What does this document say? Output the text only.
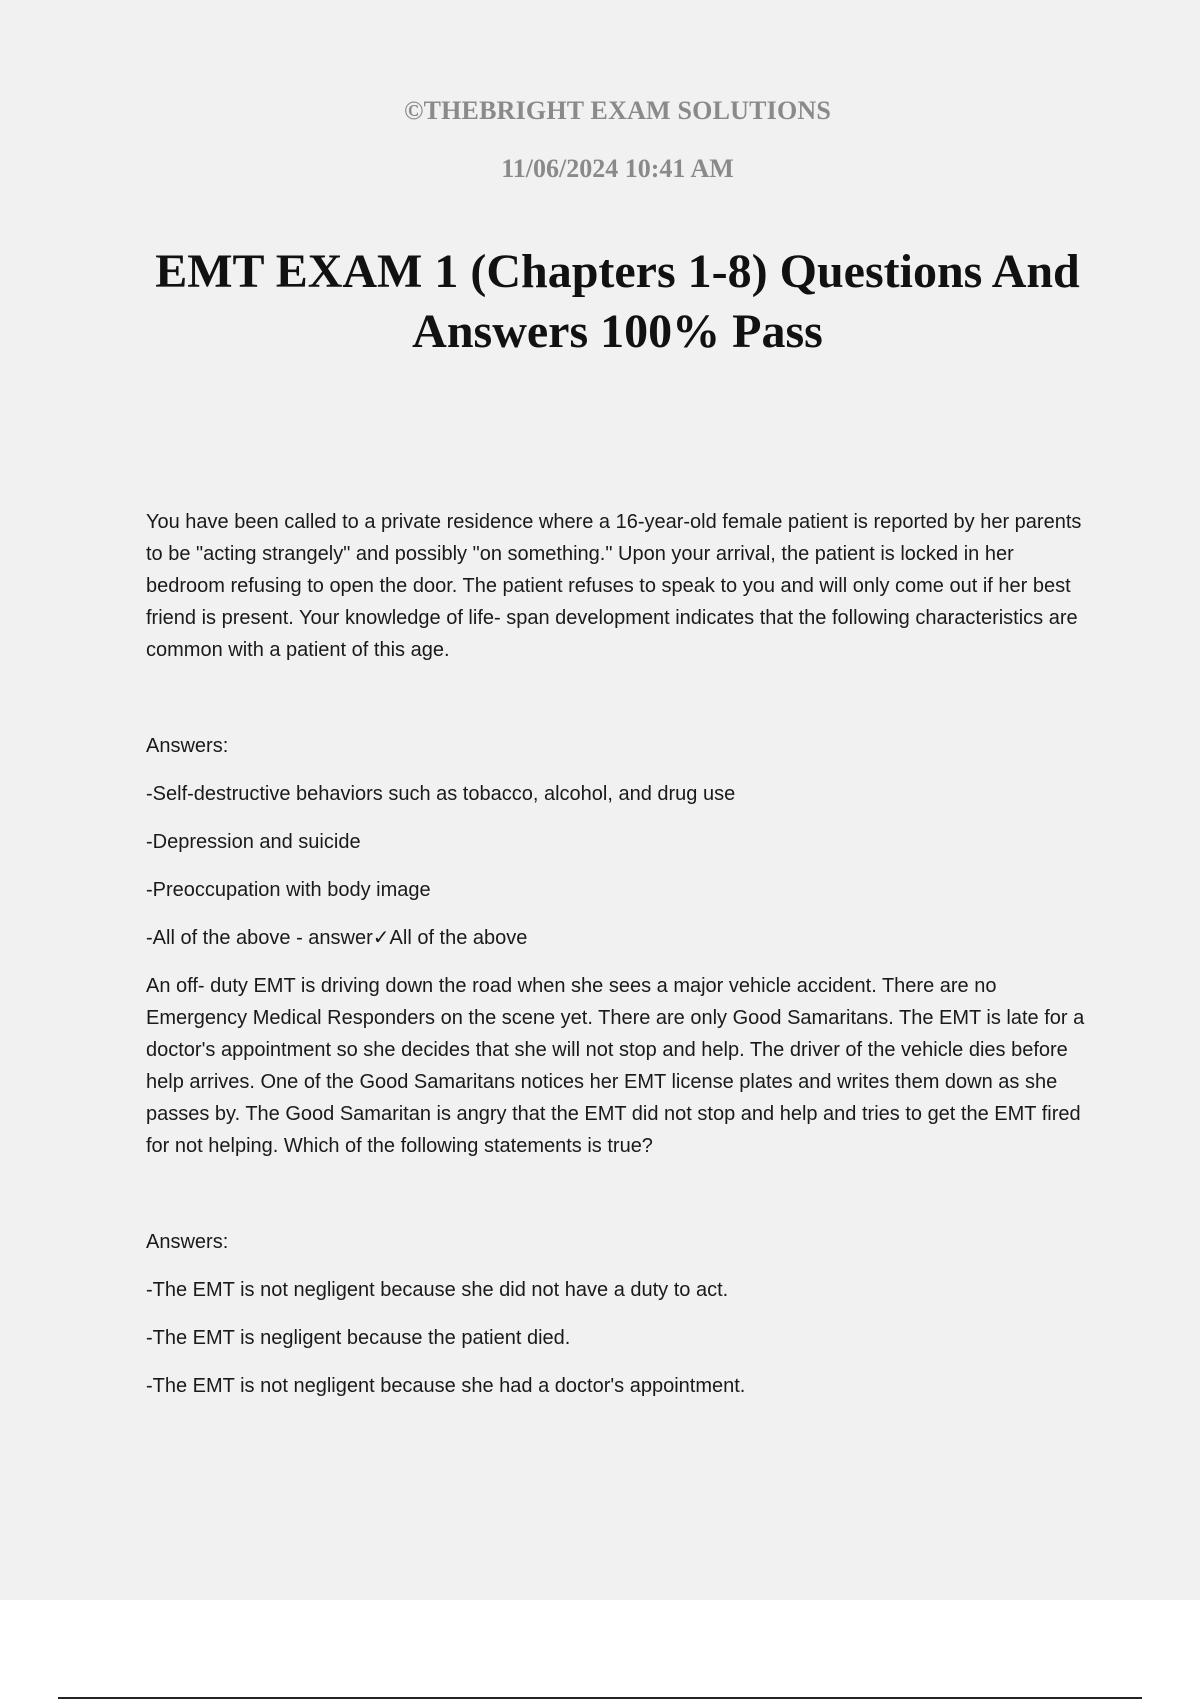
©THEBRIGHT EXAM SOLUTIONS
11/06/2024 10:41 AM
EMT EXAM 1 (Chapters 1-8) Questions And Answers 100% Pass

You have been called to a private residence where a 16-year-old female patient is reported by her parents to be "acting strangely" and possibly "on something." Upon your arrival, the patient is locked in her bedroom refusing to open the door. The patient refuses to speak to you and will only come out if her best friend is present. Your knowledge of life- span development indicates that the following characteristics are common with a patient of this age.

Answers:

-Self-destructive behaviors such as tobacco, alcohol, and drug use

-Depression and suicide

-Preoccupation with body image

-All of the above - answer✓All of the above

An off- duty EMT is driving down the road when she sees a major vehicle accident. There are no Emergency Medical Responders on the scene yet. There are only Good Samaritans. The EMT is late for a doctor's appointment so she decides that she will not stop and help. The driver of the vehicle dies before help arrives. One of the Good Samaritans notices her EMT license plates and writes them down as she passes by. The Good Samaritan is angry that the EMT did not stop and help and tries to get the EMT fired for not helping. Which of the following statements is true?

Answers:

-The EMT is not negligent because she did not have a duty to act.

-The EMT is negligent because the patient died.

-The EMT is not negligent because she had a doctor's appointment.
